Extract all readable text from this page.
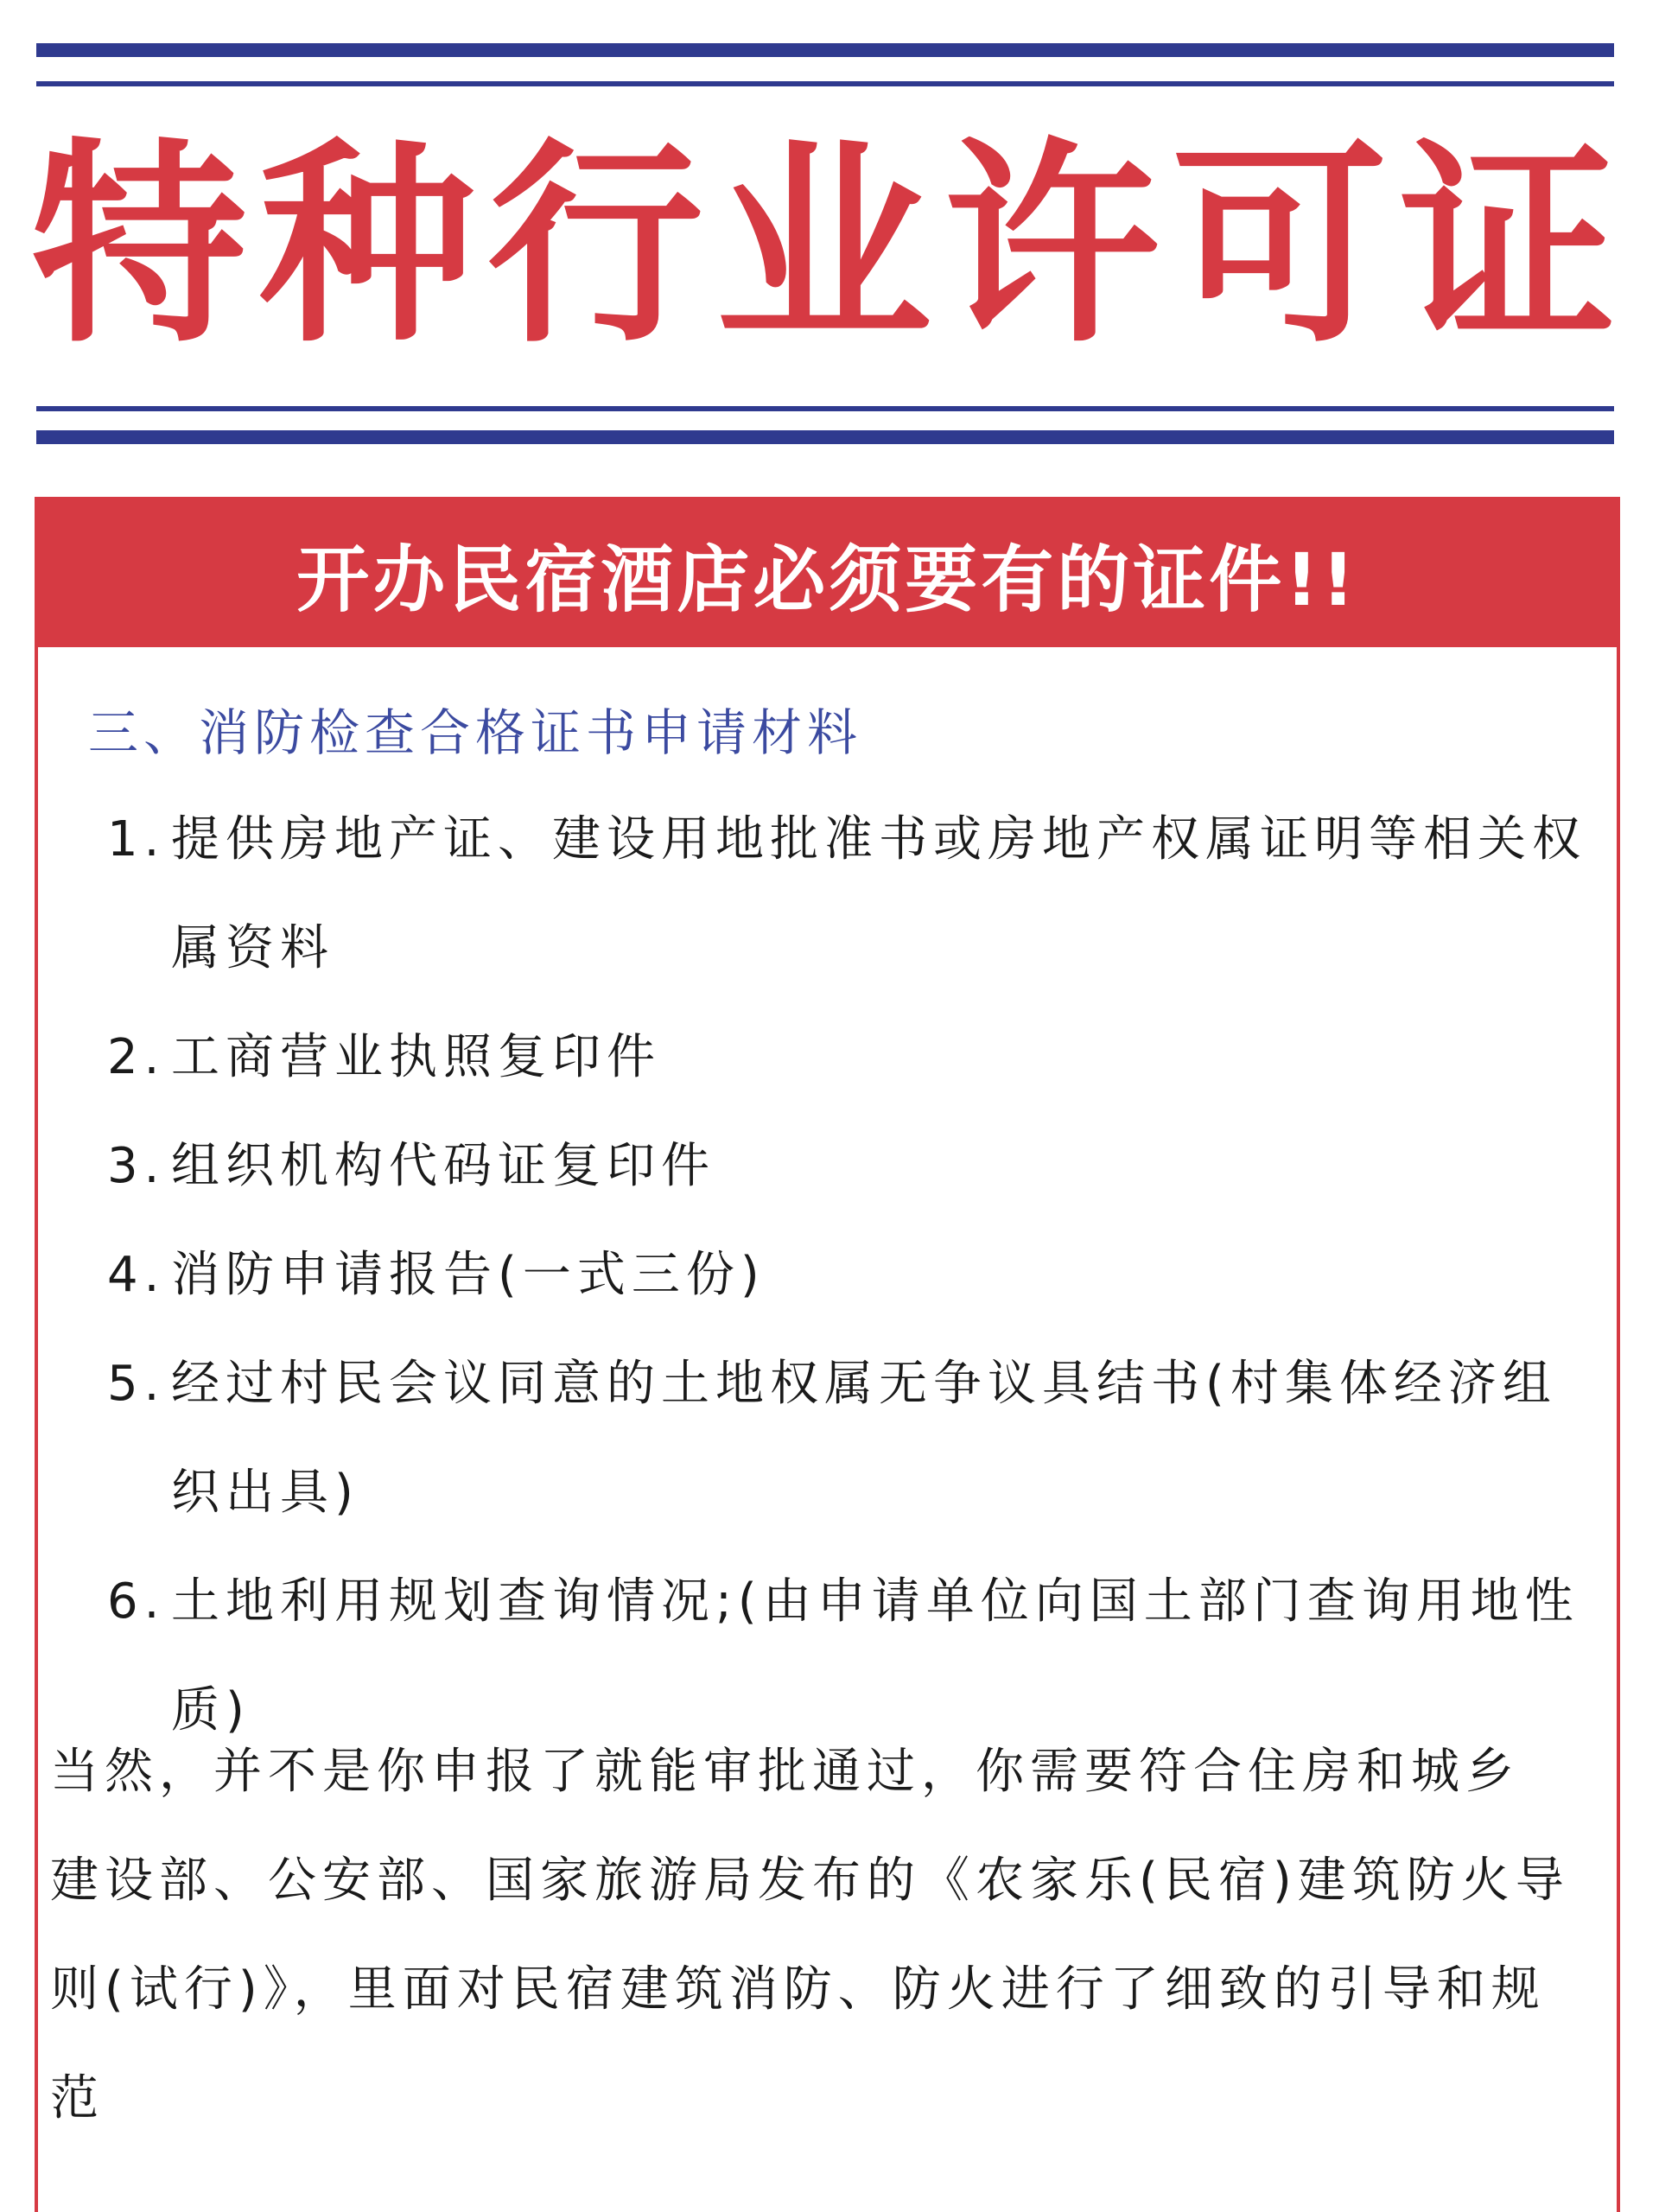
特种行业许可证
开办民宿酒店必须要有的证件!!
三、消防检查合格证书申请材料
1. 提供房地产证、建设用地批准书或房地产权属证明等相关权属资料
2. 工商营业执照复印件
3. 组织机构代码证复印件
4. 消防申请报告(一式三份)
5. 经过村民会议同意的土地权属无争议具结书(村集体经济组织出具)
6. 土地利用规划查询情况;(由申请单位向国土部门查询用地性质)

当然，并不是你申报了就能审批通过，你需要符合住房和城乡建设部、公安部、国家旅游局发布的《农家乐(民宿)建筑防火导则(试行)》，里面对民宿建筑消防、防火进行了细致的引导和规范
